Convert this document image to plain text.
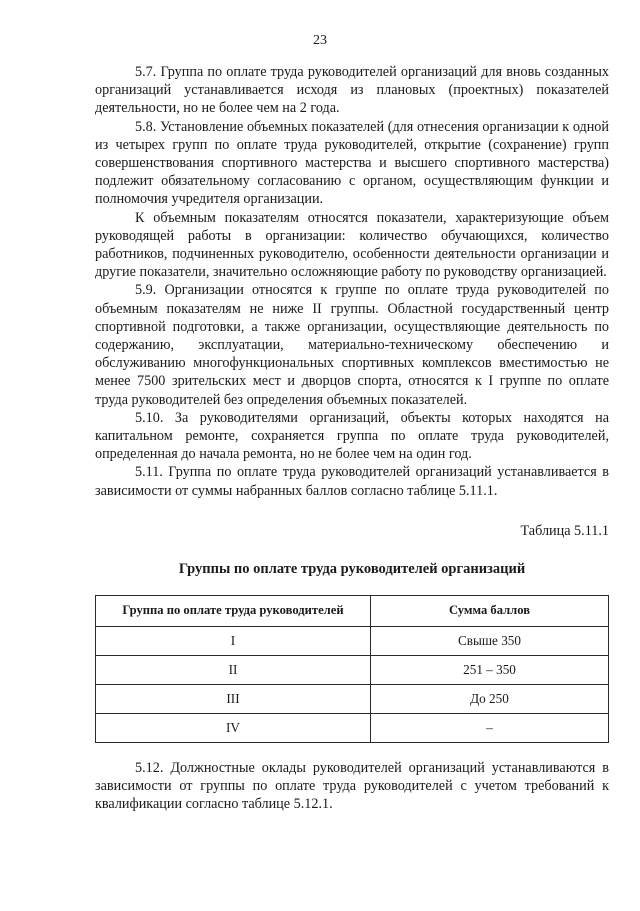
23

5.7. Группа по оплате труда руководителей организаций для вновь созданных организаций устанавливается исходя из плановых (проектных) показателей деятельности, но не более чем на 2 года.

5.8. Установление объемных показателей (для отнесения организации к одной из четырех групп по оплате труда руководителей, открытие (сохранение) групп совершенствования спортивного мастерства и высшего спортивного мастерства) подлежит обязательному согласованию с органом, осуществляющим функции и полномочия учредителя организации.

К объемным показателям относятся показатели, характеризующие объем руководящей работы в организации: количество обучающихся, количество работников, подчиненных руководителю, особенности деятельности организации и другие показатели, значительно осложняющие работу по руководству организацией.

5.9. Организации относятся к группе по оплате труда руководителей по объемным показателям не ниже II группы. Областной государственный центр спортивной подготовки, а также организации, осуществляющие деятельность по содержанию, эксплуатации, материально-техническому обеспечению и обслуживанию многофункциональных спортивных комплексов вместимостью не менее 7500 зрительских мест и дворцов спорта, относятся к I группе по оплате труда руководителей без определения объемных показателей.

5.10. За руководителями организаций, объекты которых находятся на капитальном ремонте, сохраняется группа по оплате труда руководителей, определенная до начала ремонта, но не более чем на один год.

5.11. Группа по оплате труда руководителей организаций устанавливается в зависимости от суммы набранных баллов согласно таблице 5.11.1.

Таблица 5.11.1

Группы по оплате труда руководителей организаций

Группа по оплате труда руководителей	Сумма баллов
I	Свыше 350
II	251 – 350
III	До 250
IV	–

5.12. Должностные оклады руководителей организаций устанавливаются в зависимости от группы по оплате труда руководителей с учетом требований к квалификации согласно таблице 5.12.1.
